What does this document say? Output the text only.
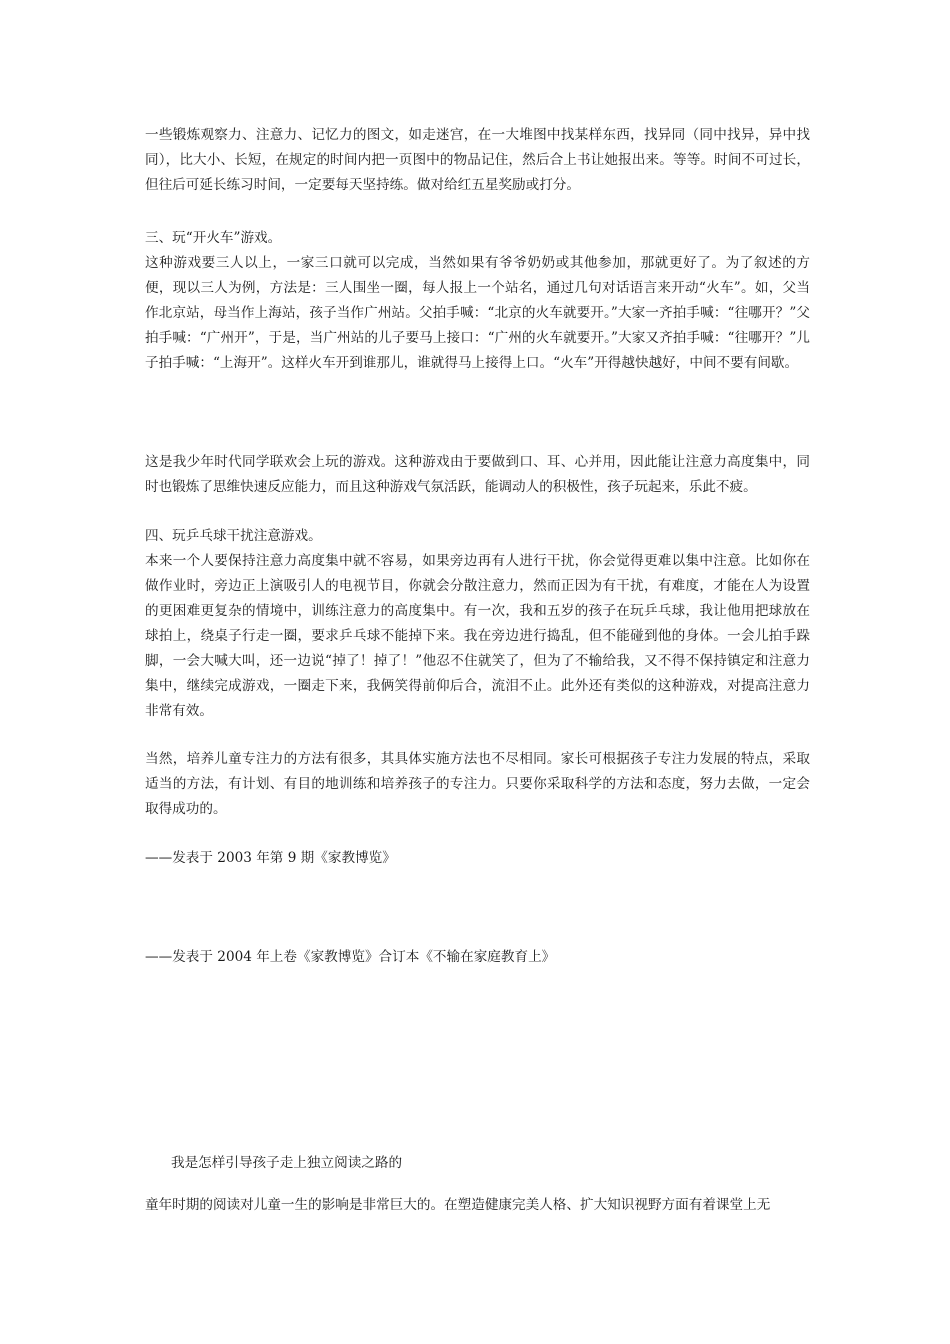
一些锻炼观察力、注意力、记忆力的图文，如走迷宫，在一大堆图中找某样东西，找异同（同中找异，异中找同），比大小、长短，在规定的时间内把一页图中的物品记住，然后合上书让她报出来。等等。时间不可过长，但往后可延长练习时间，一定要每天坚持练。做对给红五星奖励或打分。

三、玩“开火车”游戏。

这种游戏要三人以上，一家三口就可以完成，当然如果有爷爷奶奶或其他参加，那就更好了。为了叙述的方便，现以三人为例，方法是：三人围坐一圈，每人报上一个站名，通过几句对话语言来开动“火车”。如，父当作北京站，母当作上海站，孩子当作广州站。父拍手喊：“北京的火车就要开。”大家一齐拍手喊：“往哪开？”父拍手喊：“广州开”，于是，当广州站的儿子要马上接口：“广州的火车就要开。”大家又齐拍手喊：“往哪开？”儿子拍手喊：“上海开”。这样火车开到谁那儿，谁就得马上接得上口。“火车”开得越快越好，中间不要有间歇。

这是我少年时代同学联欢会上玩的游戏。这种游戏由于要做到口、耳、心并用，因此能让注意力高度集中，同时也锻炼了思维快速反应能力，而且这种游戏气氛活跃，能调动人的积极性，孩子玩起来，乐此不疲。

四、玩乒乓球干扰注意游戏。

本来一个人要保持注意力高度集中就不容易，如果旁边再有人进行干扰，你会觉得更难以集中注意。比如你在做作业时，旁边正上演吸引人的电视节目，你就会分散注意力，然而正因为有干扰，有难度，才能在人为设置的更困难更复杂的情境中，训练注意力的高度集中。有一次，我和五岁的孩子在玩乒乓球，我让他用把球放在球拍上，绕桌子行走一圈，要求乒乓球不能掉下来。我在旁边进行捣乱，但不能碰到他的身体。一会儿拍手跺脚，一会大喊大叫，还一边说“掉了！掉了！”他忍不住就笑了，但为了不输给我，又不得不保持镇定和注意力集中，继续完成游戏，一圈走下来，我俩笑得前仰后合，流泪不止。此外还有类似的这种游戏，对提高注意力非常有效。

当然，培养儿童专注力的方法有很多，其具体实施方法也不尽相同。家长可根据孩子专注力发展的特点，采取适当的方法，有计划、有目的地训练和培养孩子的专注力。只要你采取科学的方法和态度，努力去做，一定会取得成功的。

——发表于 2003 年第 9 期《家教博览》

——发表于 2004 年上卷《家教博览》合订本《不输在家庭教育上》

我是怎样引导孩子走上独立阅读之路的

童年时期的阅读对儿童一生的影响是非常巨大的。在塑造健康完美人格、扩大知识视野方面有着课堂上无
